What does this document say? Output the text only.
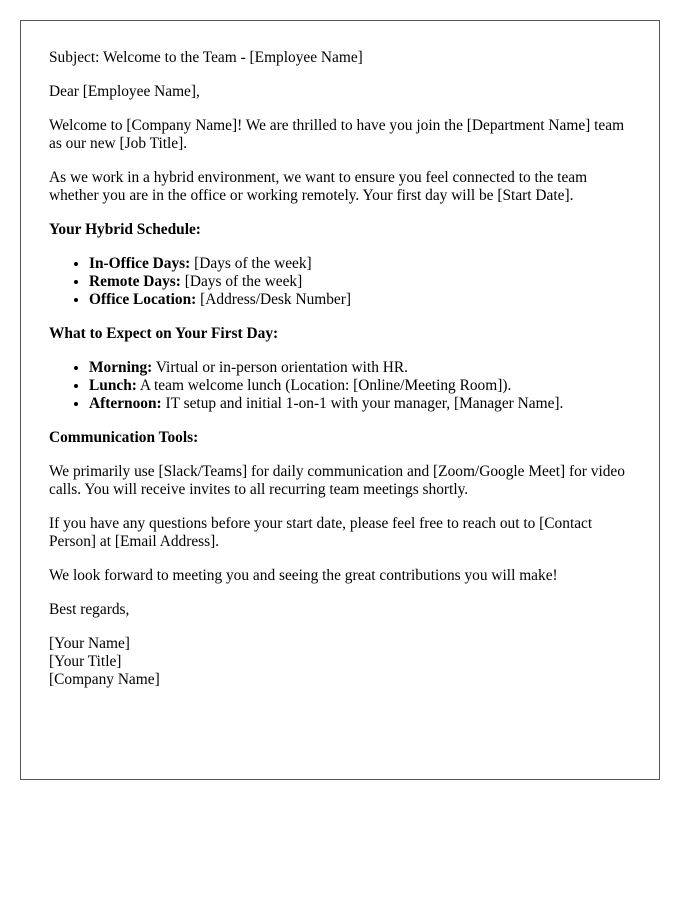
Subject: Welcome to the Team - [Employee Name]

Dear [Employee Name],

Welcome to [Company Name]! We are thrilled to have you join the [Department Name] team as our new [Job Title].

As we work in a hybrid environment, we want to ensure you feel connected to the team whether you are in the office or working remotely. Your first day will be [Start Date].

Your Hybrid Schedule:

• In-Office Days: [Days of the week]
• Remote Days: [Days of the week]
• Office Location: [Address/Desk Number]

What to Expect on Your First Day:

• Morning: Virtual or in-person orientation with HR.
• Lunch: A team welcome lunch (Location: [Online/Meeting Room]).
• Afternoon: IT setup and initial 1-on-1 with your manager, [Manager Name].

Communication Tools:

We primarily use [Slack/Teams] for daily communication and [Zoom/Google Meet] for video calls. You will receive invites to all recurring team meetings shortly.

If you have any questions before your start date, please feel free to reach out to [Contact Person] at [Email Address].

We look forward to meeting you and seeing the great contributions you will make!

Best regards,

[Your Name]
[Your Title]
[Company Name]
